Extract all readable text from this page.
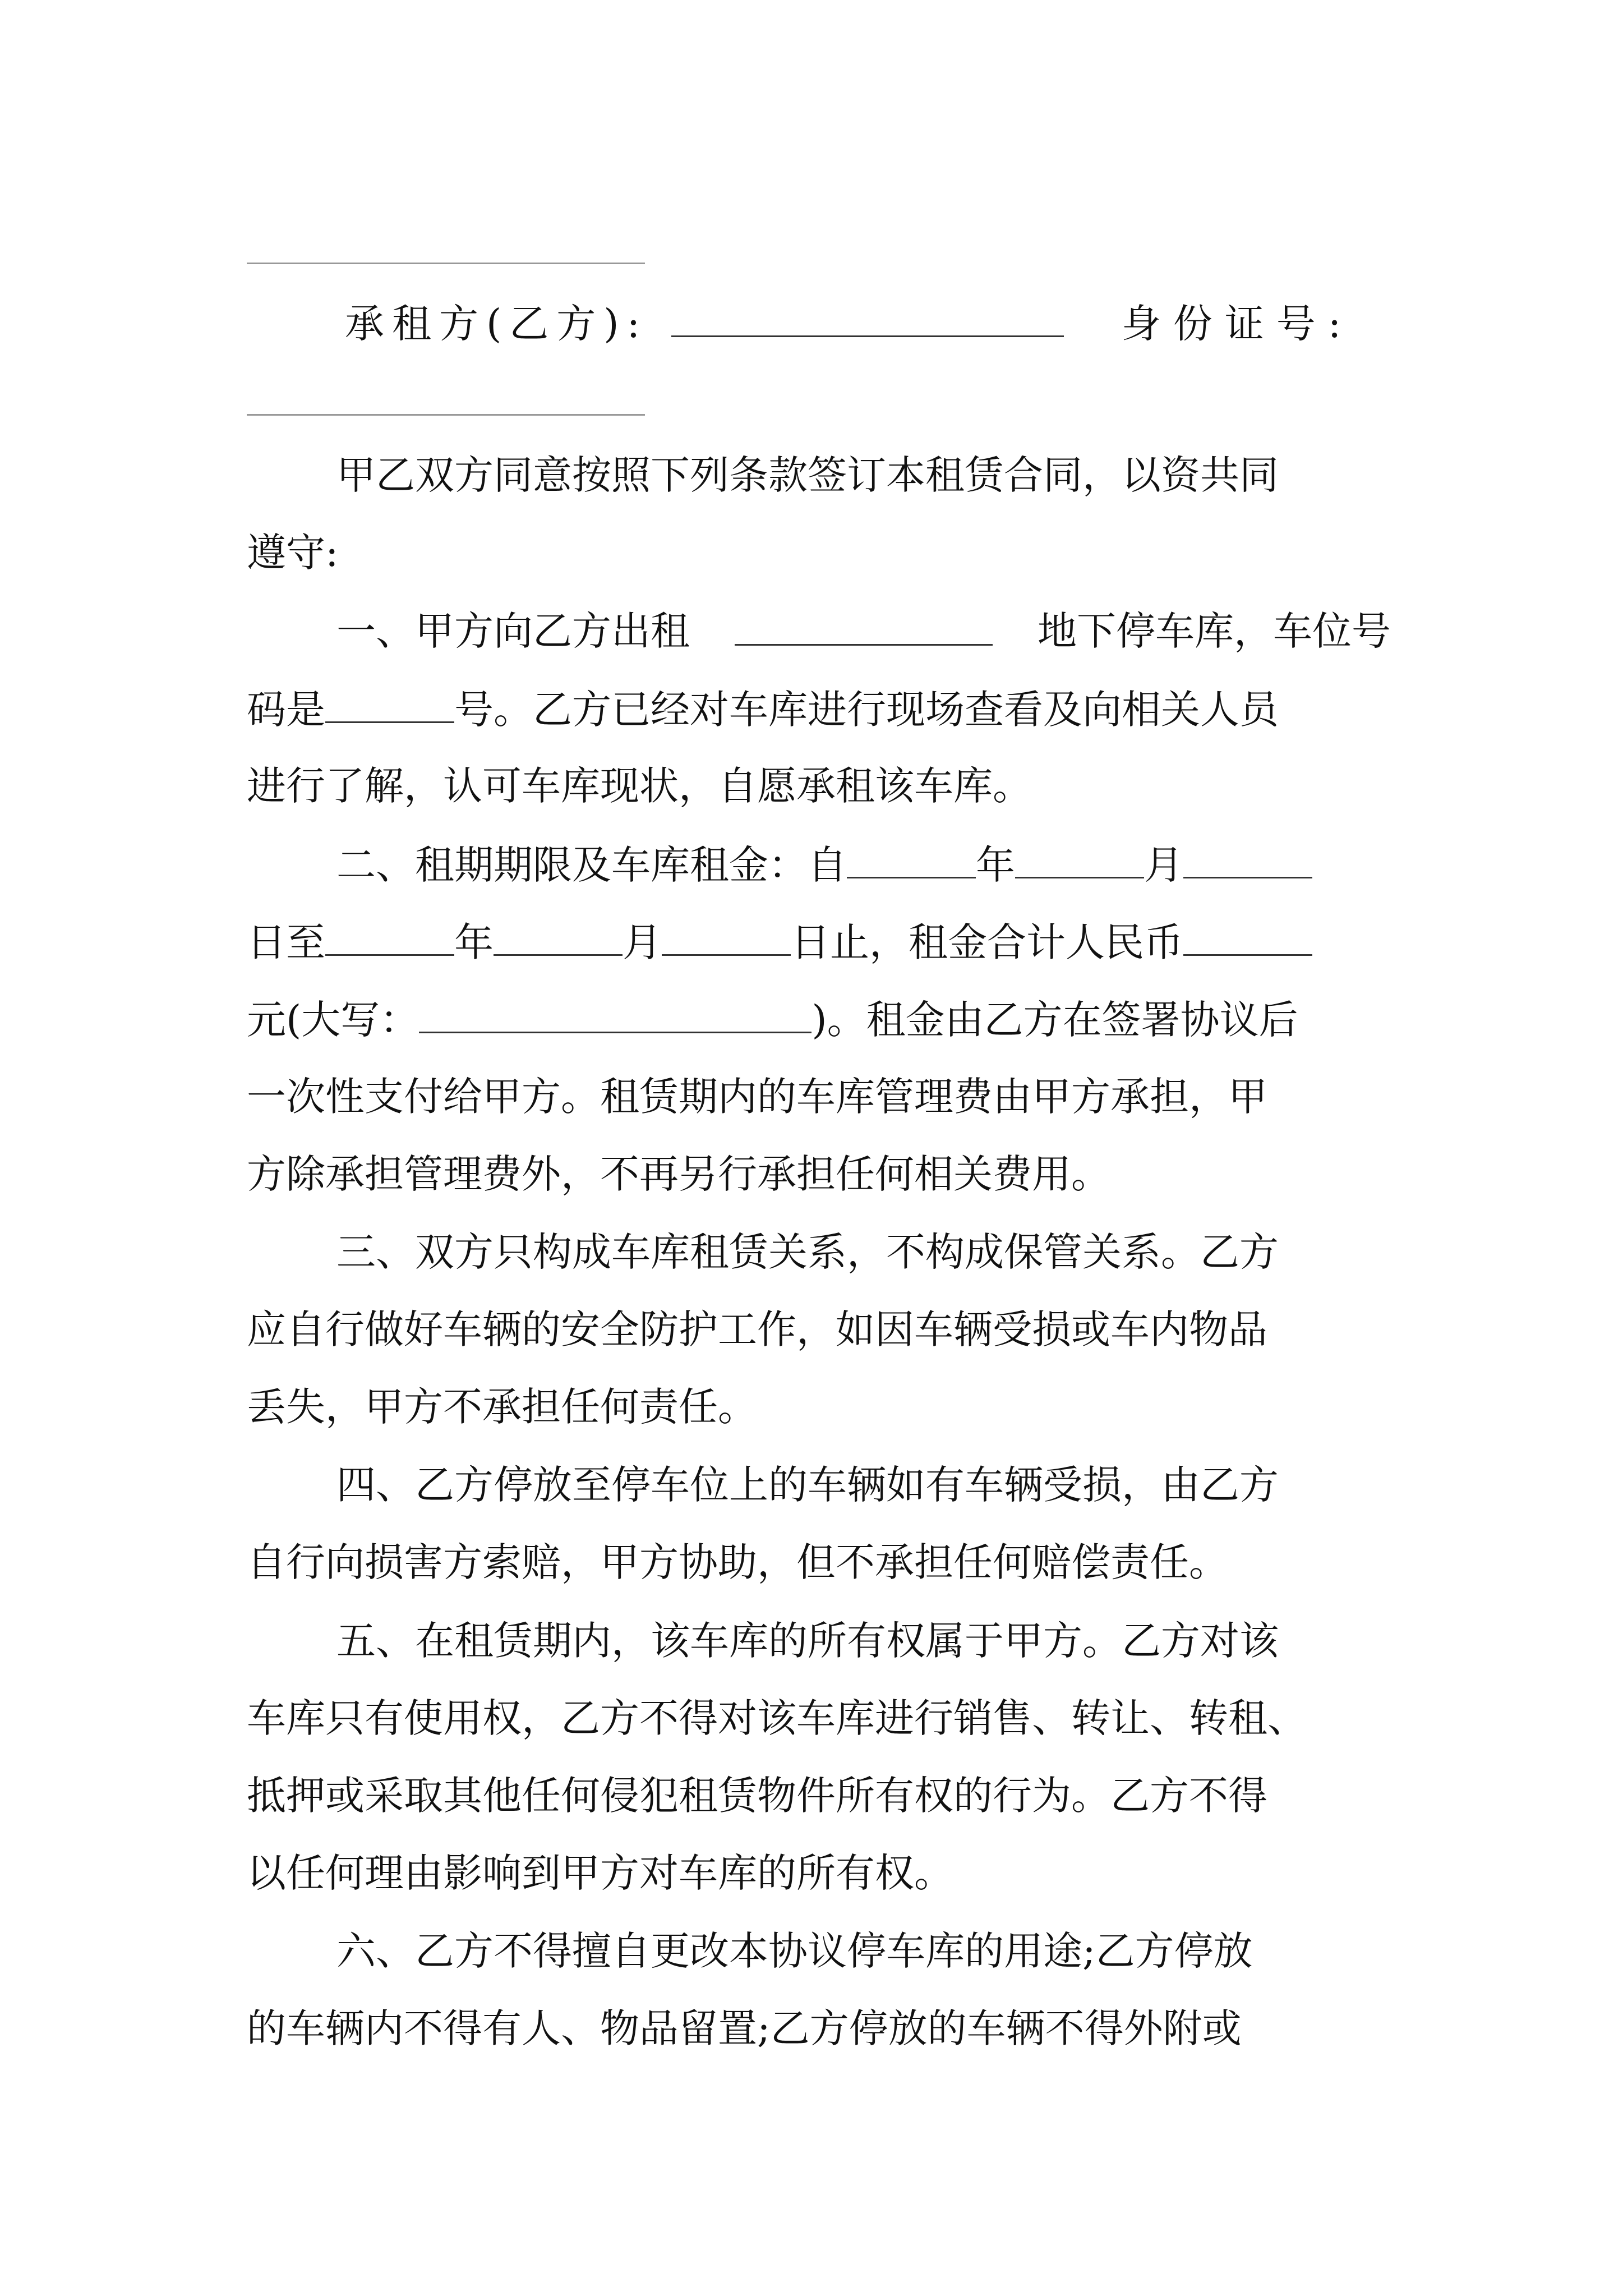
承租方(乙方):	身份证号:
甲乙双方同意按照下列条款签订本租赁合同，以资共同
遵守:
一、甲方向乙方出租	地下停车库，车位号
码是	号。乙方已经对车库进行现场查看及向相关人员
进行了解，认可车库现状，自愿承租该车库。
二、租期期限及车库租金：自	年	月
日至	年	月	日止，租金合计人民币
元(大写：	)。租金由乙方在签署协议后
一次性支付给甲方。租赁期内的车库管理费由甲方承担，甲
方除承担管理费外，不再另行承担任何相关费用。
三、双方只构成车库租赁关系，不构成保管关系。乙方
应自行做好车辆的安全防护工作，如因车辆受损或车内物品
丢失，甲方不承担任何责任。
四、乙方停放至停车位上的车辆如有车辆受损，由乙方
自行向损害方索赔，甲方协助，但不承担任何赔偿责任。
五、在租赁期内，该车库的所有权属于甲方。乙方对该
车库只有使用权，乙方不得对该车库进行销售、转让、转租、
抵押或采取其他任何侵犯租赁物件所有权的行为。乙方不得
以任何理由影响到甲方对车库的所有权。
六、乙方不得擅自更改本协议停车库的用途;乙方停放
的车辆内不得有人、物品留置;乙方停放的车辆不得外附或
